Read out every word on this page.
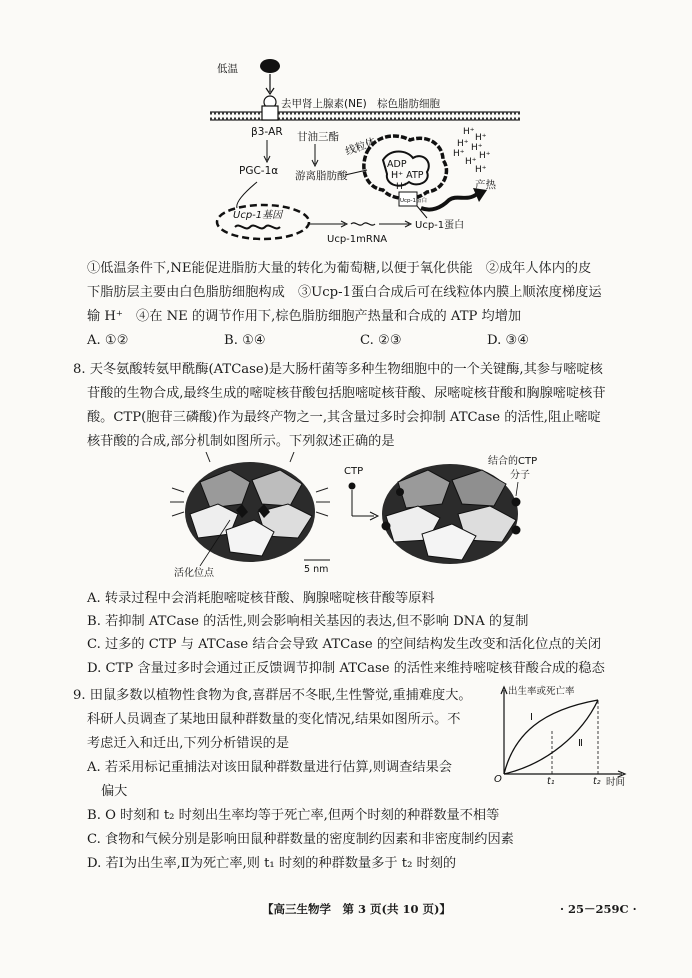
低温
去甲肾上腺素(NE) 棕色脂肪细胞
β3-AR 甘油三酯
PGC-1α 游离脂肪酸
线粒体
ADP
H⁺ ATP
H⁺
Ucp-1蛋白
H⁺
H⁺
H⁺ H⁺
H⁺ H⁺
H⁺
H⁺
产热
Ucp-1基因
Ucp-1mRNA
Ucp-1蛋白
①低温条件下,NE能促进脂肪大量的转化为葡萄糖,以便于氧化供能　②成年人体内的皮
下脂肪层主要由白色脂肪细胞构成　③Ucp-1蛋白合成后可在线粒体内膜上顺浓度梯度运
输 H⁺　④在 NE 的调节作用下,棕色脂肪细胞产热量和合成的 ATP 均增加
A. ①②	B. ①④	C. ②③	D. ③④
8. 天冬氨酸转氨甲酰酶(ATCase)是大肠杆菌等多种生物细胞中的一个关键酶,其参与嘧啶核
苷酸的生物合成,最终生成的嘧啶核苷酸包括胞嘧啶核苷酸、尿嘧啶核苷酸和胸腺嘧啶核苷
酸。CTP(胞苷三磷酸)作为最终产物之一,其含量过多时会抑制 ATCase 的活性,阻止嘧啶
核苷酸的合成,部分机制如图所示。下列叙述正确的是
活化位点	5 nm
CTP
结合的CTP
分子
A. 转录过程中会消耗胞嘧啶核苷酸、胸腺嘧啶核苷酸等原料
B. 若抑制 ATCase 的活性,则会影响相关基因的表达,但不影响 DNA 的复制
C. 过多的 CTP 与 ATCase 结合会导致 ATCase 的空间结构发生改变和活化位点的关闭
D. CTP 含量过多时会通过正反馈调节抑制 ATCase 的活性来维持嘧啶核苷酸合成的稳态
9. 田鼠多数以植物性食物为食,喜群居不冬眠,生性警觉,重捕难度大。
科研人员调查了某地田鼠种群数量的变化情况,结果如图所示。不
考虑迁入和迁出,下列分析错误的是
A. 若采用标记重捕法对该田鼠种群数量进行估算,则调查结果会
偏大
B. O 时刻和 t₂ 时刻出生率均等于死亡率,但两个时刻的种群数量不相等
C. 食物和气候分别是影响田鼠种群数量的密度制约因素和非密度制约因素
D. 若Ⅰ为出生率,Ⅱ为死亡率,则 t₁ 时刻的种群数量多于 t₂ 时刻的
出生率或死亡率
时间
O	t₁	t₂
Ⅰ
Ⅱ
【高三生物学　第 3 页(共 10 页)】	· 25－259C ·
